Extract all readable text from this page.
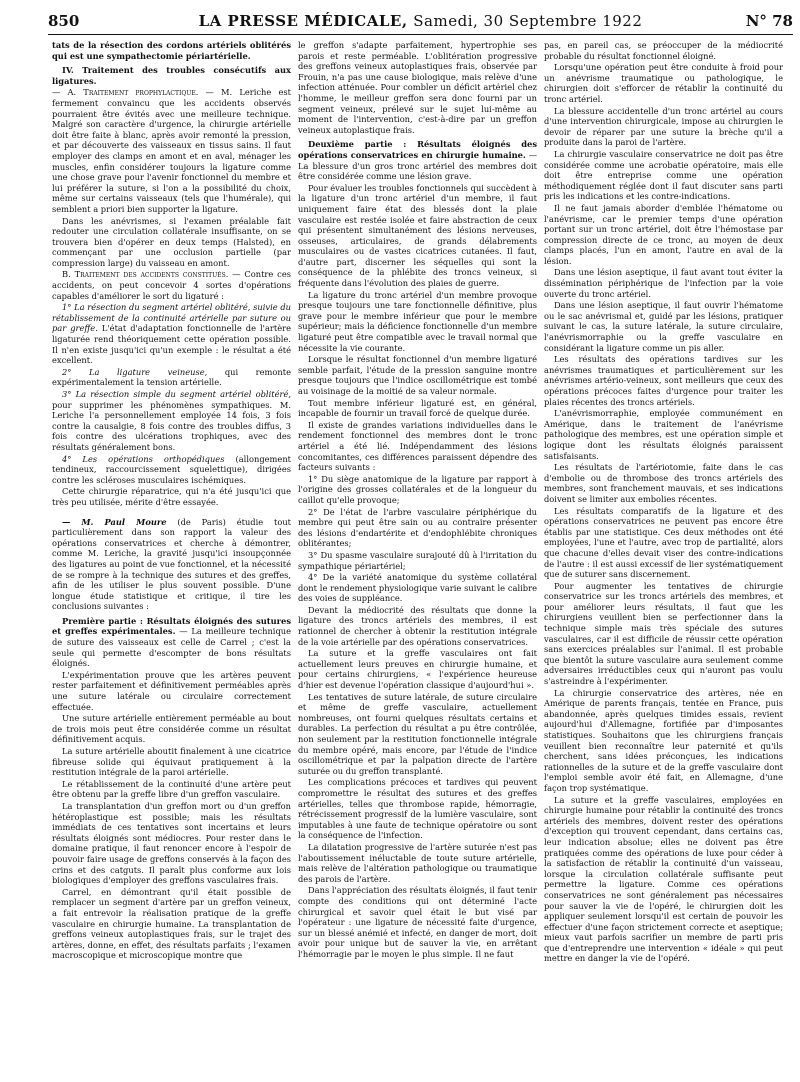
850	LA PRESSE MÉDICALE, Samedi, 30 Septembre 1922	N° 78

tats de la résection des cordons artériels oblitérés qui est une sympathectomie périartérielle.

IV. Traitement des troubles consécutifs aux ligatures.

— A. Traitement prophylactique. — M. Leriche est fermement convaincu que les accidents observés pourraient être évités avec une meilleure technique. Malgré son caractère d'urgence, la chirurgie artérielle doit être faite à blanc, après avoir remonté la pression, et par découverte des vaisseaux en tissus sains. Il faut employer des clamps en amont et en aval, ménager les muscles, enfin considérer toujours la ligature comme une chose grave pour l'avenir fonctionnel du membre et lui préférer la suture, si l'on a la possibilité du choix, même sur certains vaisseaux (tels que l'humérale), qui semblent a priori bien supporter la ligature.

Dans les anévrismes, si l'examen préalable fait redouter une circulation collatérale insuffisante, on se trouvera bien d'opérer en deux temps (Halsted), en commençant par une occlusion partielle (par compression large) du vaisseau en amont.

B. Traitement des accidents constitués. — Contre ces accidents, on peut concevoir 4 sortes d'opérations capables d'améliorer le sort du ligaturé :

1° La résection du segment artériel oblitéré, suivie du rétablissement de la continuité artérielle par suture ou par greffe. L'état d'adaptation fonctionnelle de l'artère ligaturée rend théoriquement cette opération possible. Il n'en existe jusqu'ici qu'un exemple : le résultat a été excellent.
2° La ligature veineuse, qui remonte expérimentalement la tension artérielle.
3° La résection simple du segment artériel oblitéré, pour supprimer les phénomènes sympathiques. M. Leriche l'a personnellement employée 14 fois, 3 fois contre la causalgie, 8 fois contre des troubles diffus, 3 fois contre des ulcérations trophiques, avec des résultats généralement bons.
4° Les opérations orthopédiques (allongement tendineux, raccourcissement squelettique), dirigées contre les scléroses musculaires ischémiques.

Cette chirurgie réparatrice, qui n'a été jusqu'ici que très peu utilisée, mérite d'être essayée.

— M. Paul Moure (de Paris) étudie tout particulièrement dans son rapport la valeur des opérations conservatrices et cherche à démontrer, comme M. Leriche, la gravité jusqu'ici insoupçonnée des ligatures au point de vue fonctionnel, et la nécessité de se rompre à la technique des sutures et des greffes, afin de les utiliser le plus souvent possible. D'une longue étude statistique et critique, il tire les conclusions suivantes :

Première partie : Résultats éloignés des sutures et greffes expérimentales. — La meilleure technique de suture des vaisseaux est celle de Carrel ; c'est la seule qui permette d'escompter de bons résultats éloignés.

L'expérimentation prouve que les artères peuvent rester parfaitement et définitivement perméables après une suture latérale ou circulaire correctement effectuée.

Une suture artérielle entièrement perméable au bout de trois mois peut être considérée comme un résultat définitivement acquis.

La suture artérielle aboutit finalement à une cicatrice fibreuse solide qui équivaut pratiquement à la restitution intégrale de la paroi artérielle.

Le rétablissement de la continuité d'une artère peut être obtenu par la greffe libre d'un greffon vasculaire.

La transplantation d'un greffon mort ou d'un greffon hétéroplastique est possible; mais les résultats immédiats de ces tentatives sont incertains et leurs résultats éloignés sont médiocres. Pour rester dans le domaine pratique, il faut renoncer encore à l'espoir de pouvoir faire usage de greffons conservés à la façon des crins et des catguts. Il paraît plus conforme aux lois biologiques d'employer des greffons vasculaires frais.

Carrel, en démontrant qu'il était possible de remplacer un segment d'artère par un greffon veineux, a fait entrevoir la réalisation pratique de la greffe vasculaire en chirurgie humaine. La transplantation de greffons veineux autoplastiques frais, sur le trajet des artères, donne, en effet, des résultats parfaits ; l'examen macroscopique et microscopique montre que

le greffon s'adapte parfaitement, hypertrophie ses parois et reste perméable. L'oblitération progressive des greffons veineux autoplastiques frais, observée par Frouin, n'a pas une cause biologique, mais relève d'une infection atténuée. Pour combler un déficit artériel chez l'homme, le meilleur greffon sera donc fourni par un segment veineux, prélevé sur le sujet lui-même au moment de l'intervention, c'est-à-dire par un greffon veineux autoplastique frais.

Deuxième partie : Résultats éloignés des opérations conservatrices en chirurgie humaine. — La blessure d'un gros tronc artériel des membres doit être considérée comme une lésion grave.

Pour évaluer les troubles fonctionnels qui succèdent à la ligature d'un tronc artériel d'un membre, il faut uniquement faire état des blessés dont la plaie vasculaire est restée isolée et faire abstraction de ceux qui présentent simultanément des lésions nerveuses, osseuses, articulaires, de grands délabrements musculaires ou de vastes cicatrices cutanées. Il faut, d'autre part, discerner les séquelles qui sont la conséquence de la phlébite des troncs veineux, si fréquente dans l'évolution des plaies de guerre.

La ligature du tronc artériel d'un membre provoque presque toujours une tare fonctionnelle définitive, plus grave pour le membre inférieur que pour le membre supérieur; mais la déficience fonctionnelle d'un membre ligaturé peut être compatible avec le travail normal que nécessite la vie courante.

Lorsque le résultat fonctionnel d'un membre ligaturé semble parfait, l'étude de la pression sanguine montre presque toujours que l'indice oscillométrique est tombé au voisinage de la moitié de sa valeur normale.

Tout membre inférieur ligaturé est, en général, incapable de fournir un travail forcé de quelque durée.

Il existe de grandes variations individuelles dans le rendement fonctionnel des membres dont le tronc artériel a été lié. Indépendamment des lésions concomitantes, ces différences paraissent dépendre des facteurs suivants :

1° Du siège anatomique de la ligature par rapport à l'origine des grosses collatérales et de la longueur du caillot qu'elle provoque;
2° De l'état de l'arbre vasculaire périphérique du membre qui peut être sain ou au contraire présenter des lésions d'endartérite et d'endophlébite chroniques oblitérantes;
3° Du spasme vasculaire surajouté dû à l'irritation du sympathique périartériel;
4° De la variété anatomique du système collatéral dont le rendement physiologique varie suivant le calibre des voies de suppléance.

Devant la médiocrité des résultats que donne la ligature des troncs artériels des membres, il est rationnel de chercher à obtenir la restitution intégrale de la voie artérielle par des opérations conservatrices.

La suture et la greffe vasculaires ont fait actuellement leurs preuves en chirurgie humaine, et pour certains chirurgiens, « l'expérience heureuse d'hier est devenue l'opération classique d'aujourd'hui ».

Les tentatives de suture latérale, de suture circulaire et même de greffe vasculaire, actuellement nombreuses, ont fourni quelques résultats certains et durables. La perfection du résultat a pu être contrôlée, non seulement par la restitution fonctionnelle intégrale du membre opéré, mais encore, par l'étude de l'indice oscillométrique et par la palpation directe de l'artère suturée ou du greffon transplanté.

Les complications précoces et tardives qui peuvent compromettre le résultat des sutures et des greffes artérielles, telles que thrombose rapide, hémorragie, rétrécissement progressif de la lumière vasculaire, sont imputables à une faute de technique opératoire ou sont la conséquence de l'infection.

La dilatation progressive de l'artère suturée n'est pas l'aboutissement inéluctable de toute suture artérielle, mais relève de l'altération pathologique ou traumatique des parois de l'artère.

Dans l'appréciation des résultats éloignés, il faut tenir compte des conditions qui ont déterminé l'acte chirurgical et savoir quel était le but visé par l'opérateur : une ligature de nécessité faite d'urgence, sur un blessé anémié et infecté, en danger de mort, doit avoir pour unique but de sauver la vie, en arrêtant l'hémorragie par le moyen le plus simple. Il ne faut

pas, en pareil cas, se préoccuper de la médiocrité probable du résultat fonctionnel éloigné.

Lorsqu'une opération peut être conduite à froid pour un anévrisme traumatique ou pathologique, le chirurgien doit s'efforcer de rétablir la continuité du tronc artériel.

La blessure accidentelle d'un tronc artériel au cours d'une intervention chirurgicale, impose au chirurgien le devoir de réparer par une suture la brèche qu'il a produite dans la paroi de l'artère.

La chirurgie vasculaire conservatrice ne doit pas être considérée comme une acrobatie opératoire, mais elle doit être entreprise comme une opération méthodiquement réglée dont il faut discuter sans parti pris les indications et les contre-indications.

Il ne faut jamais aborder d'emblée l'hématome ou l'anévrisme, car le premier temps d'une opération portant sur un tronc artériel, doit être l'hémostase par compression directe de ce tronc, au moyen de deux clamps placés, l'un en amont, l'autre en aval de la lésion.

Dans une lésion aseptique, il faut avant tout éviter la dissémination périphérique de l'infection par la voie ouverte du tronc artériel.

Dans une lésion aseptique, il faut ouvrir l'hématome ou le sac anévrismal et, guidé par les lésions, pratiquer suivant le cas, la suture latérale, la suture circulaire, l'anévrismorraphie ou la greffe vasculaire en considérant la ligature comme un pis aller.

Les résultats des opérations tardives sur les anévrismes traumatiques et particulièrement sur les anévrismes artério-veineux, sont meilleurs que ceux des opérations précoces faites d'urgence pour traiter les plaies récentes des troncs artériels.

L'anévrismorraphie, employée communément en Amérique, dans le traitement de l'anévrisme pathologique des membres, est une opération simple et logique dont les résultats éloignés paraissent satisfaisants.

Les résultats de l'artériotomie, faite dans le cas d'embolie ou de thrombose des troncs artériels des membres, sont franchement mauvais, et ses indications doivent se limiter aux embolies récentes.

Les résultats comparatifs de la ligature et des opérations conservatrices ne peuvent pas encore être établis par une statistique. Ces deux méthodes ont été employées, l'une et l'autre, avec trop de partialité, alors que chacune d'elles devait viser des contre-indications de l'autre : il est aussi excessif de lier systématiquement que de suturer sans discernement.

Pour augmenter les tentatives de chirurgie conservatrice sur les troncs artériels des membres, et pour améliorer leurs résultats, il faut que les chirurgiens veuillent bien se perfectionner dans la technique simple mais très spéciale des sutures vasculaires, car il est difficile de réussir cette opération sans exercices préalables sur l'animal. Il est probable que bientôt la suture vasculaire aura seulement comme adversaires irréductibles ceux qui n'auront pas voulu s'astreindre à l'expérimenter.

La chirurgie conservatrice des artères, née en Amérique de parents français, tentée en France, puis abandonnée, après quelques timides essais, revient aujourd'hui d'Allemagne, fortifiée par d'imposantes statistiques. Souhaitons que les chirurgiens français veuillent bien reconnaître leur paternité et qu'ils cherchent, sans idées préconçues, les indications rationnelles de la suture et de la greffe vasculaire dont l'emploi semble avoir été fait, en Allemagne, d'une façon trop systématique.

La suture et la greffe vasculaires, employées en chirurgie humaine pour rétablir la continuité des troncs artériels des membres, doivent rester des opérations d'exception qui trouvent cependant, dans certains cas, leur indication absolue; elles ne doivent pas être pratiquées comme des opérations de luxe pour céder à la satisfaction de rétablir la continuité d'un vaisseau, lorsque la circulation collatérale suffisante peut permettre la ligature. Comme ces opérations conservatrices ne sont généralement pas nécessaires pour sauver la vie de l'opéré, le chirurgien doit les appliquer seulement lorsqu'il est certain de pouvoir les effectuer d'une façon strictement correcte et aseptique; mieux vaut parfois sacrifier un membre de parti pris que d'entreprendre une intervention « idéale » qui peut mettre en danger la vie de l'opéré.
